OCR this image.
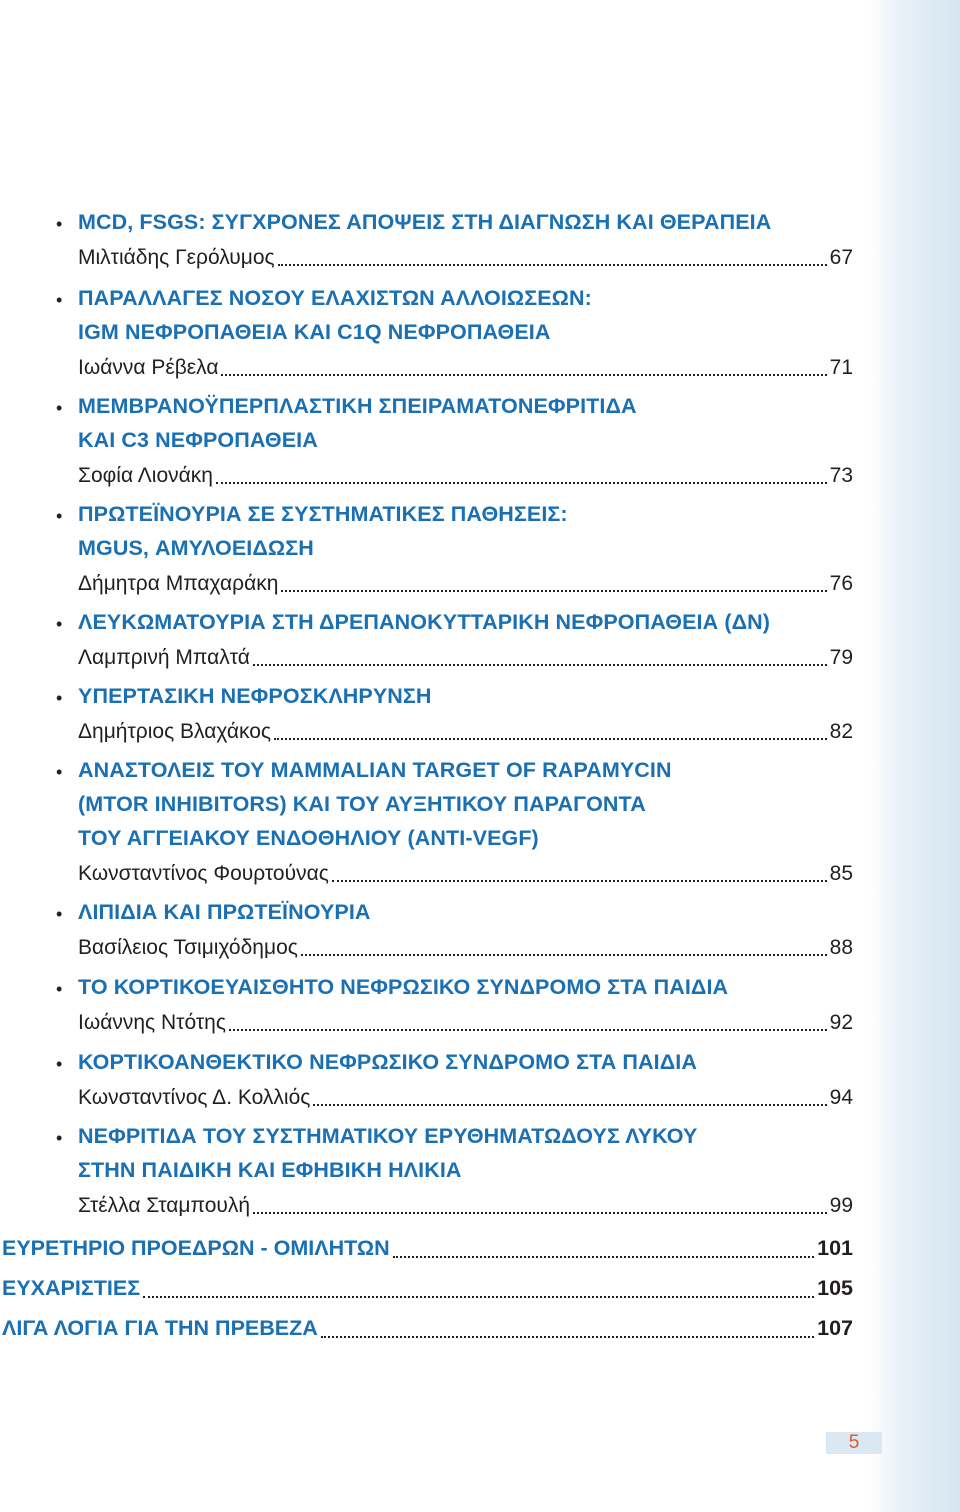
• MCD, FSGS: ΣΥΓΧΡΟΝΕΣ ΑΠΟΨΕΙΣ ΣΤΗ ΔΙΑΓΝΩΣΗ ΚΑΙ ΘΕΡΑΠΕΙΑ
Μιλτιάδης Γερόλυμος	67
• ΠΑΡΑΛΛΑΓΕΣ ΝΟΣΟΥ ΕΛΑΧΙΣΤΩΝ ΑΛΛΟΙΩΣΕΩΝ:
IGM ΝΕΦΡΟΠΑΘΕΙΑ ΚΑΙ C1Q ΝΕΦΡΟΠΑΘΕΙΑ
Ιωάννα Ρέβελα	71
• ΜΕΜΒΡΑΝΟΫΠΕΡΠΛΑΣΤΙΚΗ ΣΠΕΙΡΑΜΑΤΟΝΕΦΡΙΤΙΔΑ
ΚΑΙ C3 ΝΕΦΡΟΠΑΘΕΙΑ
Σοφία Λιονάκη	73
• ΠΡΩΤΕΪΝΟΥΡΙΑ ΣΕ ΣΥΣΤΗΜΑΤΙΚΕΣ ΠΑΘΗΣΕΙΣ:
MGUS, ΑΜΥΛΟΕΙΔΩΣΗ
Δήμητρα Μπαχαράκη	76
• ΛΕΥΚΩΜΑΤΟΥΡΙΑ ΣΤΗ ΔΡΕΠΑΝΟΚΥΤΤΑΡΙΚΗ ΝΕΦΡΟΠΑΘΕΙΑ (ΔΝ)
Λαμπρινή Μπαλτά	79
• ΥΠΕΡΤΑΣΙΚΗ ΝΕΦΡΟΣΚΛΗΡΥΝΣΗ
Δημήτριος Βλαχάκος	82
• ΑΝΑΣΤΟΛΕΙΣ ΤΟΥ MAMMALIAN TARGET OF RAPAMYCIN
(MTOR INHIBITORS) ΚΑΙ ΤΟΥ ΑΥΞΗΤΙΚΟΥ ΠΑΡΑΓΟΝΤΑ
ΤΟΥ ΑΓΓΕΙΑΚΟΥ ΕΝΔΟΘΗΛΙΟΥ (ANTI-VEGF)
Κωνσταντίνος Φουρτούνας	85
• ΛΙΠΙΔΙΑ ΚΑΙ ΠΡΩΤΕΪΝΟΥΡΙΑ
Βασίλειος Τσιμιχόδημος	88
• ΤΟ ΚΟΡΤΙΚΟΕΥΑΙΣΘΗΤΟ ΝΕΦΡΩΣΙΚΟ ΣΥΝΔΡΟΜΟ ΣΤΑ ΠΑΙΔΙΑ
Ιωάννης Ντότης	92
• ΚΟΡΤΙΚΟΑΝΘΕΚΤΙΚΟ ΝΕΦΡΩΣΙΚΟ ΣΥΝΔΡΟΜΟ ΣΤΑ ΠΑΙΔΙΑ
Κωνσταντίνος Δ. Κολλιός	94
• ΝΕΦΡΙΤΙΔΑ ΤΟΥ ΣΥΣΤΗΜΑΤΙΚΟΥ ΕΡΥΘΗΜΑΤΩΔΟΥΣ ΛΥΚΟΥ
ΣΤΗΝ ΠΑΙΔΙΚΗ ΚΑΙ ΕΦΗΒΙΚΗ ΗΛΙΚΙΑ
Στέλλα Σταμπουλή	99
ΕΥΡΕΤΗΡΙΟ ΠΡΟΕΔΡΩΝ - ΟΜΙΛΗΤΩΝ	101
ΕΥΧΑΡΙΣΤΙΕΣ	105
ΛΙΓΑ ΛΟΓΙΑ ΓΙΑ ΤΗΝ ΠΡΕΒΕΖΑ	107
5
